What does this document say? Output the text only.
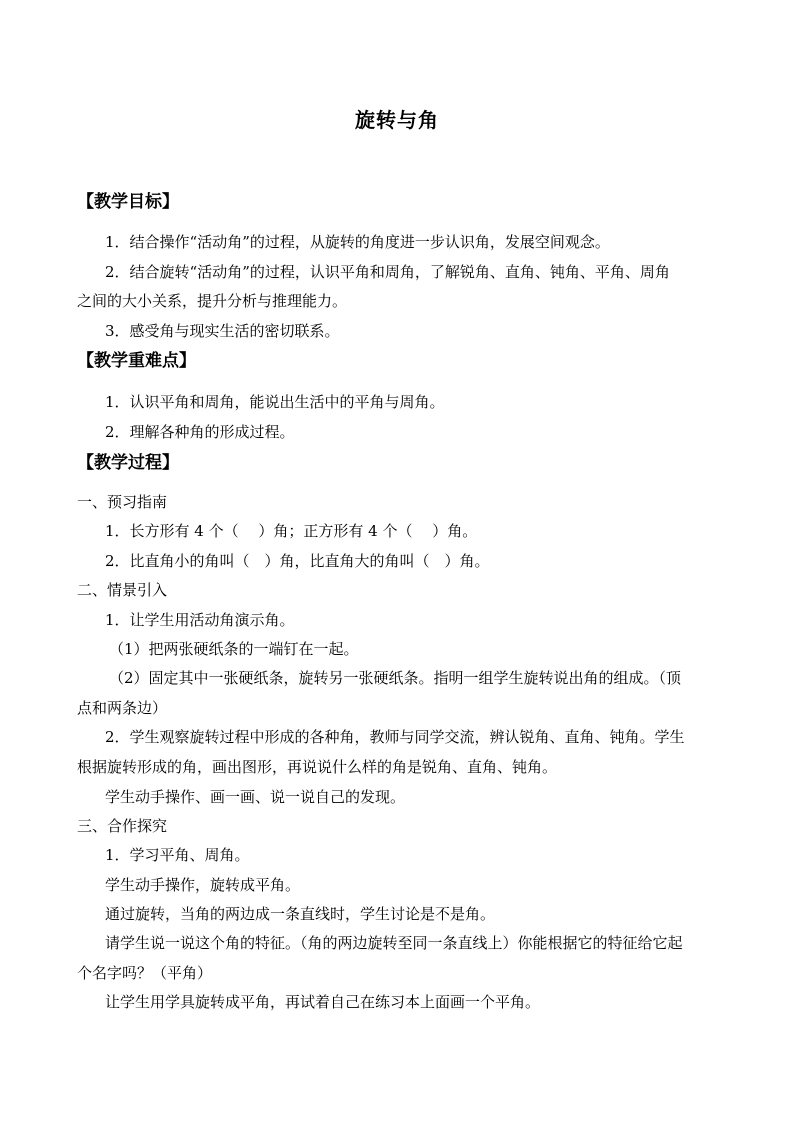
旋转与角
【教学目标】
1．结合操作“活动角”的过程，从旋转的角度进一步认识角，发展空间观念。
2．结合旋转“活动角”的过程，认识平角和周角，了解锐角、直角、钝角、平角、周角
之间的大小关系，提升分析与推理能力。
3．感受角与现实生活的密切联系。
【教学重难点】
1．认识平角和周角，能说出生活中的平角与周角。
2．理解各种角的形成过程。
【教学过程】
一、预习指南
1．长方形有 4 个（　 ）角；正方形有 4 个（　 ）角。
2．比直角小的角叫（　）角，比直角大的角叫（　）角。
二、情景引入
1．让学生用活动角演示角。
（1）把两张硬纸条的一端钉在一起。
（2）固定其中一张硬纸条，旋转另一张硬纸条。指明一组学生旋转说出角的组成。（顶
点和两条边）
2．学生观察旋转过程中形成的各种角，教师与同学交流，辨认锐角、直角、钝角。学生
根据旋转形成的角，画出图形，再说说什么样的角是锐角、直角、钝角。
学生动手操作、画一画、说一说自己的发现。
三、合作探究
1．学习平角、周角。
学生动手操作，旋转成平角。
通过旋转，当角的两边成一条直线时，学生讨论是不是角。
请学生说一说这个角的特征。（角的两边旋转至同一条直线上）你能根据它的特征给它起
个名字吗？（平角）
让学生用学具旋转成平角，再试着自己在练习本上面画一个平角。
